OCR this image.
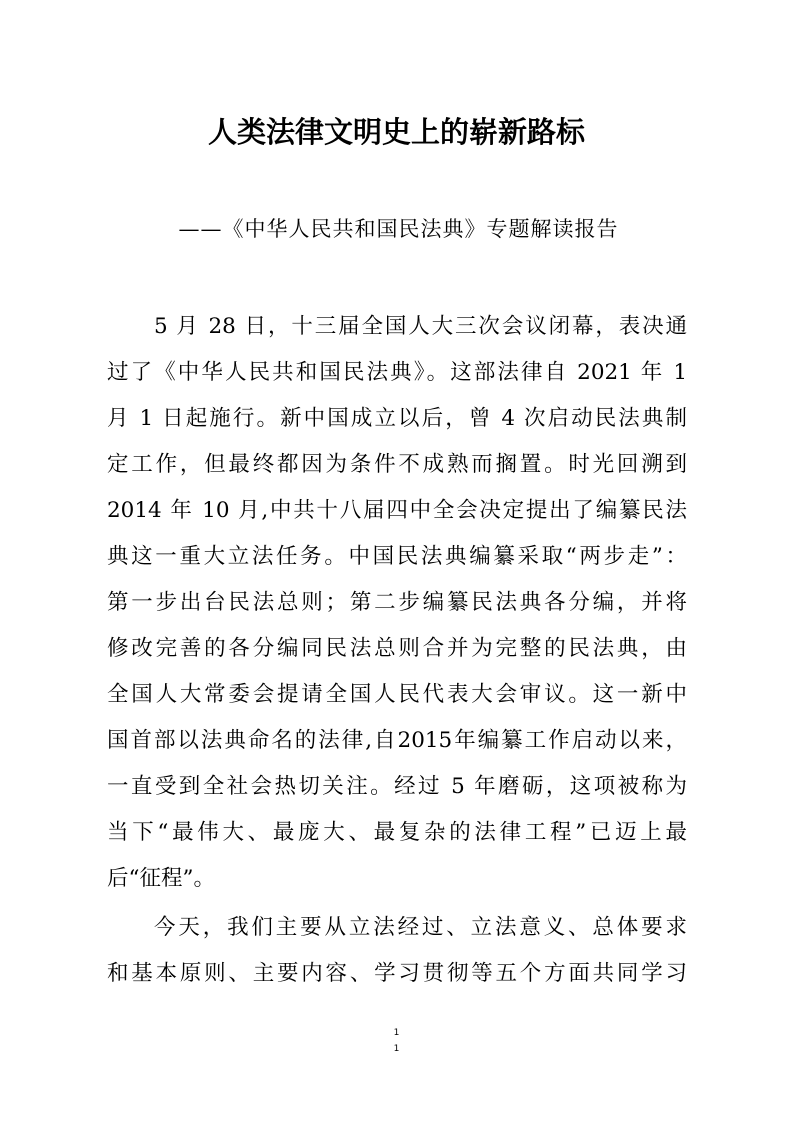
人类法律文明史上的崭新路标
——《中华人民共和国民法典》专题解读报告
5 月 28 日，十三届全国人大三次会议闭幕，表决通
过了《中华人民共和国民法典》。这部法律自 2021 年 1
月 1 日起施行。新中国成立以后，曾 4 次启动民法典制
定工作，但最终都因为条件不成熟而搁置。时光回溯到
2014 年 10 月,中共十八届四中全会决定提出了编纂民法
典这一重大立法任务。中国民法典编纂采取“两步走”：
第一步出台民法总则；第二步编纂民法典各分编，并将
修改完善的各分编同民法总则合并为完整的民法典，由
全国人大常委会提请全国人民代表大会审议。这一新中
国首部以法典命名的法律,自2015年编纂工作启动以来，
一直受到全社会热切关注。经过 5 年磨砺，这项被称为
当下“最伟大、最庞大、最复杂的法律工程”已迈上最
后“征程”。
今天，我们主要从立法经过、立法意义、总体要求
和基本原则、主要内容、学习贯彻等五个方面共同学习
1
1
